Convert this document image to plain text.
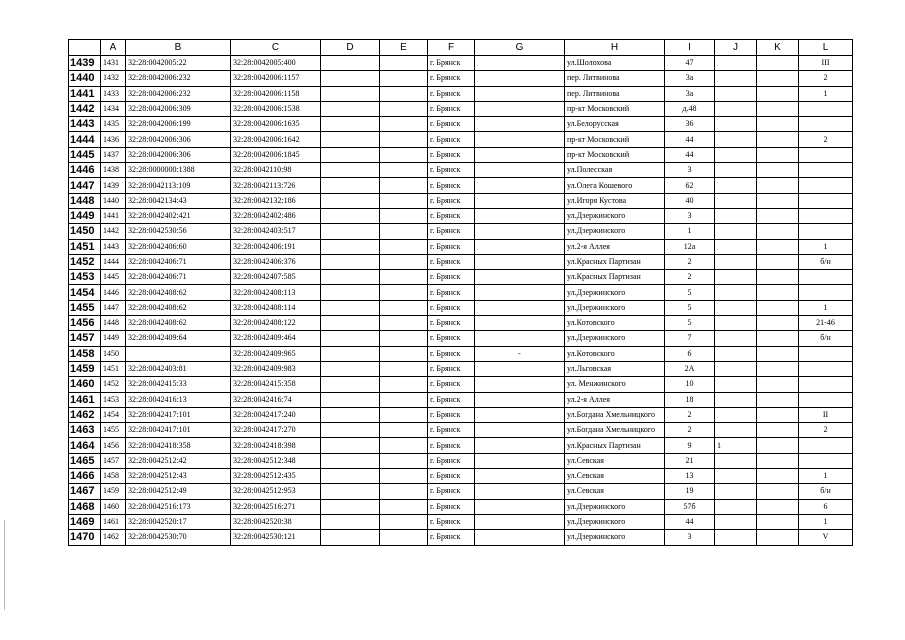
	A	B	C	D	E	F	G	H	I	J	K	L
1439	1431	32:28:0042005:22	32:28:0042005:400			г. Брянск		ул.Шолохова	47			III
1440	1432	32:28:0042006:232	32:28:0042006:1157			г. Брянск		пер. Литвинова	3а			2
1441	1433	32:28:0042006:232	32:28:0042006:1158			г. Брянск		пер. Литвинова	3а			1
1442	1434	32:28:0042006:309	32:28:0042006:1538			г. Брянск		пр-кт Московский	д.48			
1443	1435	32:28:0042006:199	32:28:0042006:1635			г. Брянск		ул.Белорусская	36			
1444	1436	32:28:0042006:306	32:28:0042006:1642			г. Брянск		пр-кт Московский	44			2
1445	1437	32:28:0042006:306	32:28:0042006:1845			г. Брянск		пр-кт Московский	44			
1446	1438	32:28:0000000:1388	32:28:0042110:98			г. Брянск		ул.Полесская	3			
1447	1439	32:28:0042113:109	32:28:0042113:726			г. Брянск		ул.Олега Кошевого	62			
1448	1440	32:28:0042134:43	32:28:0042132:186			г. Брянск		ул.Игоря Кустова	40			
1449	1441	32:28:0042402:421	32:28:0042402:486			г. Брянск		ул.Дзержинского	3			
1450	1442	32:28:0042530:56	32:28:0042403:517			г. Брянск		ул.Дзержинского	1			
1451	1443	32:28:0042406:60	32:28:0042406:191			г. Брянск		ул.2-я Аллея	12а			1
1452	1444	32:28:0042406:71	32:28:0042406:376			г. Брянск		ул.Красных Партизан	2			б/н
1453	1445	32:28:0042406:71	32:28:0042407:585			г. Брянск		ул.Красных Партизан	2			
1454	1446	32:28:0042408:62	32:28:0042408:113			г. Брянск		ул.Дзержинского	5			
1455	1447	32:28:0042408:62	32:28:0042408:114			г. Брянск		ул.Дзержинского	5			1
1456	1448	32:28:0042408:62	32:28:0042408:122			г. Брянск		ул.Котовского	5			21-46
1457	1449	32:28:0042409:64	32:28:0042409:464			г. Брянск		ул.Дзержинского	7			б/н
1458	1450		32:28:0042409:965			г. Брянск	-	ул.Котовского	6			
1459	1451	32:28:0042403:81	32:28:0042409:983			г. Брянск		ул.Льговская	2А			
1460	1452	32:28:0042415:33	32:28:0042415:358			г. Брянск		ул. Менжинского	10			
1461	1453	32:28:0042416:13	32:28:0042416:74			г. Брянск		ул.2-я Аллея	18			
1462	1454	32:28:0042417:101	32:28:0042417:240			г. Брянск		ул.Богдана Хмельницкого	2			II
1463	1455	32:28:0042417:101	32:28:0042417:270			г. Брянск		ул.Богдана Хмельницкого	2			2
1464	1456	32:28:0042418:358	32:28:0042418:398			г. Брянск		ул.Красных Партизан	9	1		
1465	1457	32:28:0042512:42	32:28:0042512:348			г. Брянск		ул.Севская	21			
1466	1458	32:28:0042512:43	32:28:0042512:435			г. Брянск		ул.Севская	13			1
1467	1459	32:28:0042512:49	32:28:0042512:953			г. Брянск		ул.Севская	19			б/н
1468	1460	32:28:0042516:173	32:28:0042516:271			г. Брянск		ул.Дзержинского	57б			6
1469	1461	32:28:0042520:17	32:28:0042520:38			г. Брянск		ул.Дзержинского	44			1
1470	1462	32:28:0042530:70	32:28:0042530:121			г. Брянск		ул.Дзержинского	3			V
